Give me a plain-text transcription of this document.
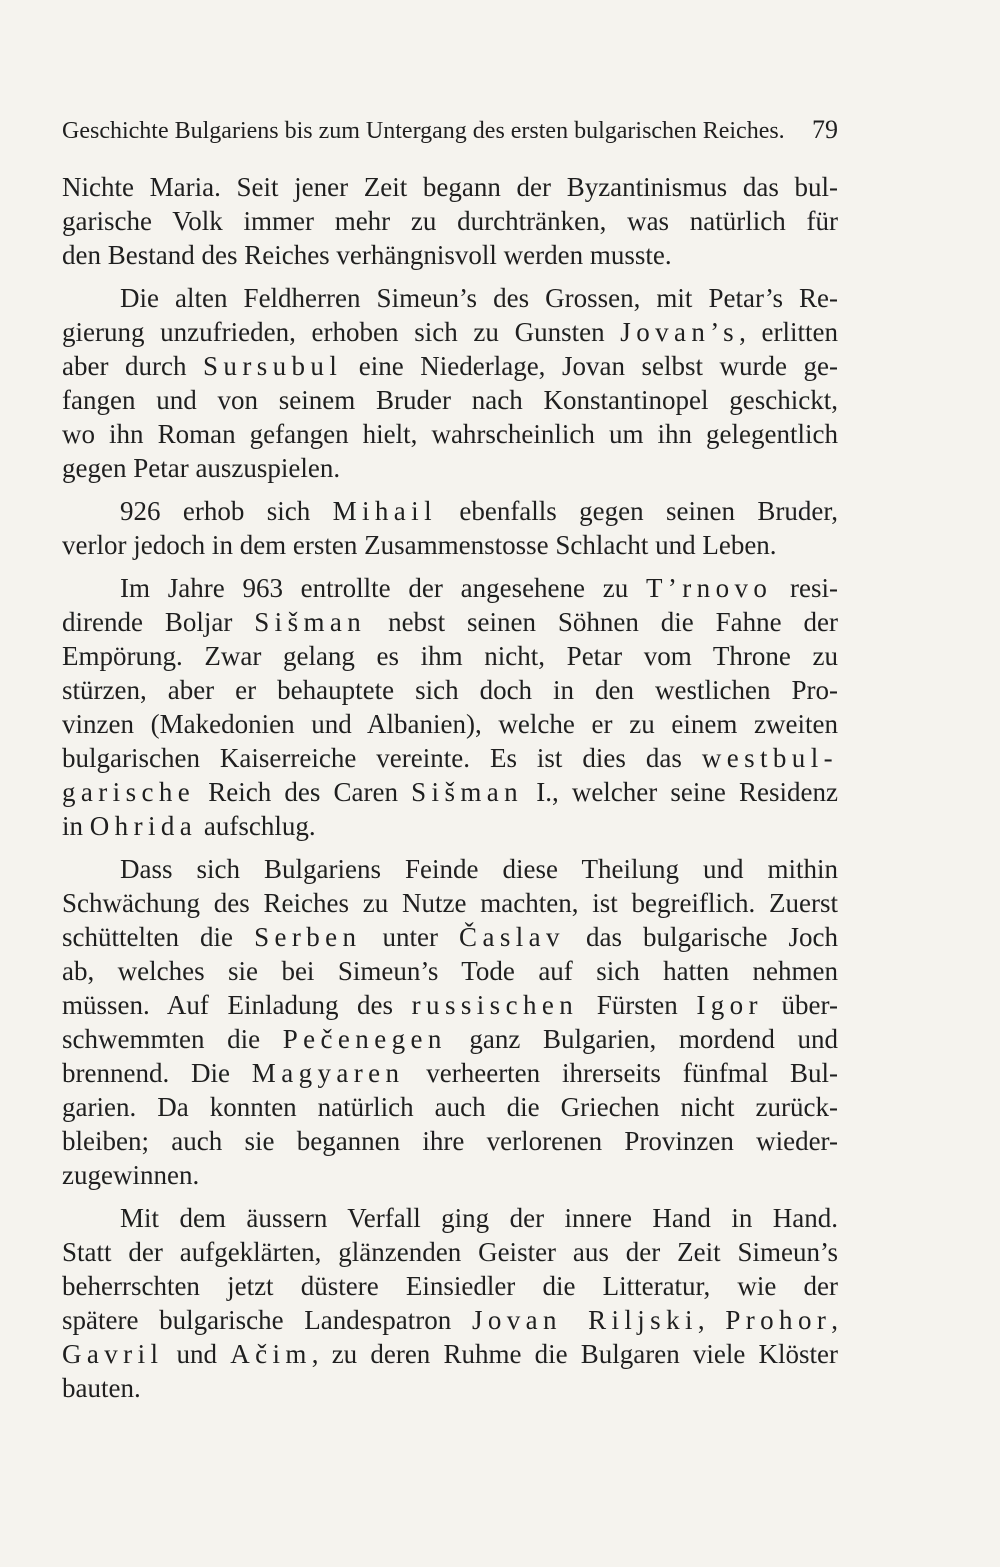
Geschichte Bulgariens bis zum Untergang des ersten bulgarischen Reiches. 79
Nichte Maria. Seit jener Zeit begann der Byzantinismus das bul-
garische Volk immer mehr zu durchtränken, was natürlich für
den Bestand des Reiches verhängnisvoll werden musste.
Die alten Feldherren Simeun’s des Grossen, mit Petar’s Re-
gierung unzufrieden, erhoben sich zu Gunsten Jovan’s, erlitten
aber durch Sursubul eine Niederlage, Jovan selbst wurde ge-
fangen und von seinem Bruder nach Konstantinopel geschickt,
wo ihn Roman gefangen hielt, wahrscheinlich um ihn gelegentlich
gegen Petar auszuspielen.
926 erhob sich Mihail ebenfalls gegen seinen Bruder,
verlor jedoch in dem ersten Zusammenstosse Schlacht und Leben.
Im Jahre 963 entrollte der angesehene zu T’rnovo resi-
dirende Boljar Sišman nebst seinen Söhnen die Fahne der
Empörung. Zwar gelang es ihm nicht, Petar vom Throne zu
stürzen, aber er behauptete sich doch in den westlichen Pro-
vinzen (Makedonien und Albanien), welche er zu einem zweiten
bulgarischen Kaiserreiche vereinte. Es ist dies das westbul-
garische Reich des Caren Sišman I., welcher seine Residenz
in Ohrida aufschlug.
Dass sich Bulgariens Feinde diese Theilung und mithin
Schwächung des Reiches zu Nutze machten, ist begreiflich. Zuerst
schüttelten die Serben unter Časlav das bulgarische Joch
ab, welches sie bei Simeun’s Tode auf sich hatten nehmen
müssen. Auf Einladung des russischen Fürsten Igor über-
schwemmten die Pečenegen ganz Bulgarien, mordend und
brennend. Die Magyaren verheerten ihrerseits fünfmal Bul-
garien. Da konnten natürlich auch die Griechen nicht zurück-
bleiben; auch sie begannen ihre verlorenen Provinzen wieder-
zugewinnen.
Mit dem äussern Verfall ging der innere Hand in Hand.
Statt der aufgeklärten, glänzenden Geister aus der Zeit Simeun’s
beherrschten jetzt düstere Einsiedler die Litteratur, wie der
spätere bulgarische Landespatron Jovan Riljski, Prohor,
Gavril und Ačim, zu deren Ruhme die Bulgaren viele Klöster
bauten.
